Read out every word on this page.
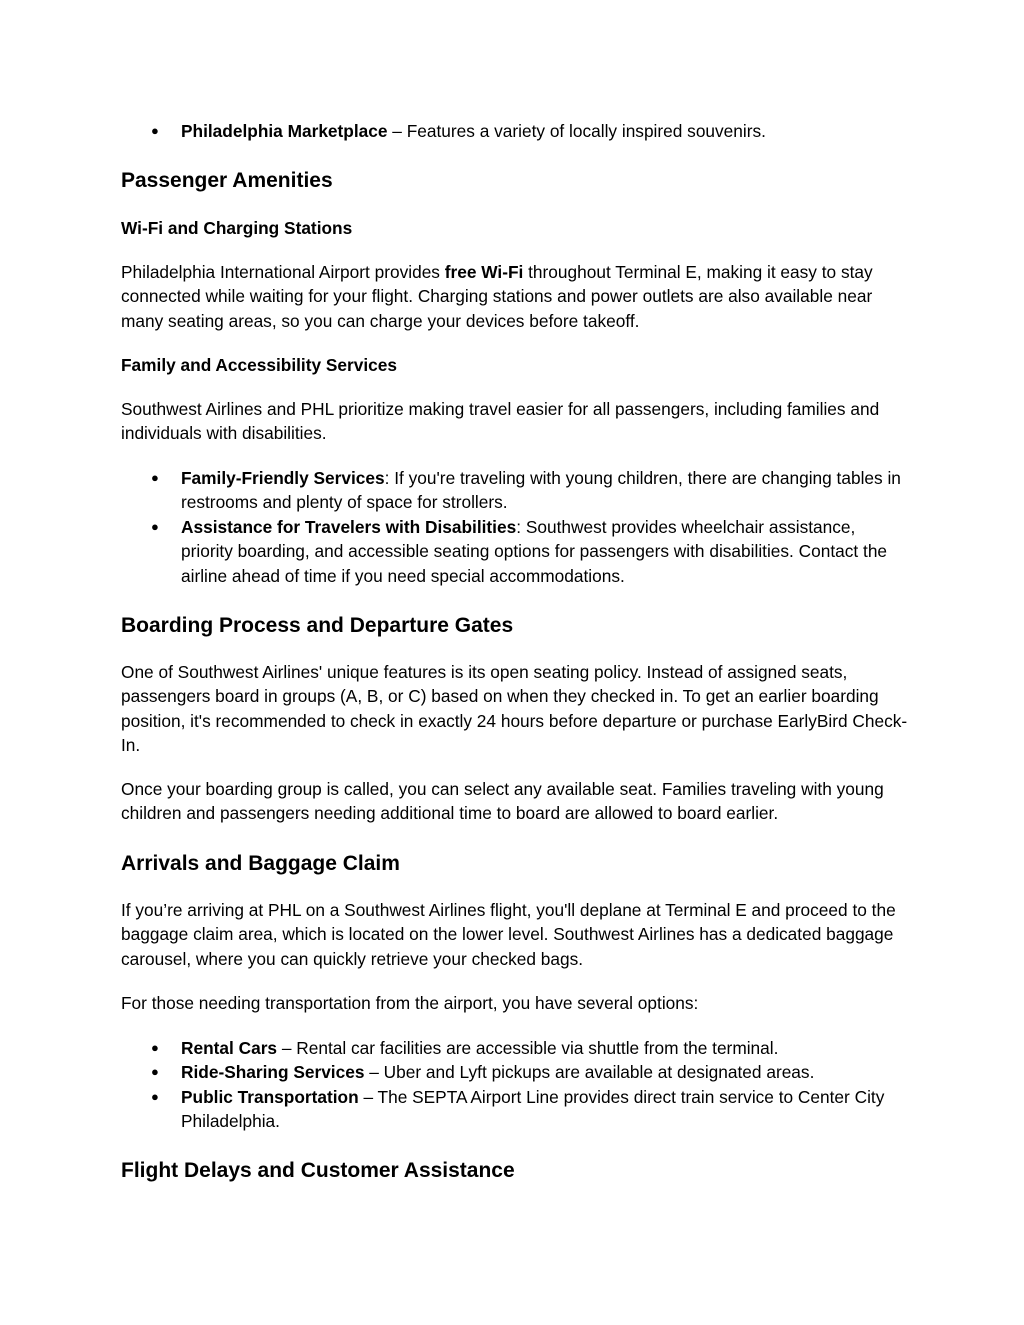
● Philadelphia Marketplace – Features a variety of locally inspired souvenirs.
Passenger Amenities
Wi-Fi and Charging Stations

Philadelphia International Airport provides free Wi-Fi throughout Terminal E, making it easy to stay connected while waiting for your flight. Charging stations and power outlets are also available near many seating areas, so you can charge your devices before takeoff.

Family and Accessibility Services

Southwest Airlines and PHL prioritize making travel easier for all passengers, including families and individuals with disabilities.

● Family-Friendly Services: If you're traveling with young children, there are changing tables in restrooms and plenty of space for strollers.
● Assistance for Travelers with Disabilities: Southwest provides wheelchair assistance, priority boarding, and accessible seating options for passengers with disabilities. Contact the airline ahead of time if you need special accommodations.
Boarding Process and Departure Gates

One of Southwest Airlines' unique features is its open seating policy. Instead of assigned seats, passengers board in groups (A, B, or C) based on when they checked in. To get an earlier boarding position, it's recommended to check in exactly 24 hours before departure or purchase EarlyBird Check-In.

Once your boarding group is called, you can select any available seat. Families traveling with young children and passengers needing additional time to board are allowed to board earlier.

Arrivals and Baggage Claim

If you’re arriving at PHL on a Southwest Airlines flight, you'll deplane at Terminal E and proceed to the baggage claim area, which is located on the lower level. Southwest Airlines has a dedicated baggage carousel, where you can quickly retrieve your checked bags.

For those needing transportation from the airport, you have several options:

● Rental Cars – Rental car facilities are accessible via shuttle from the terminal.
● Ride-Sharing Services – Uber and Lyft pickups are available at designated areas.
● Public Transportation – The SEPTA Airport Line provides direct train service to Center City Philadelphia.
Flight Delays and Customer Assistance
